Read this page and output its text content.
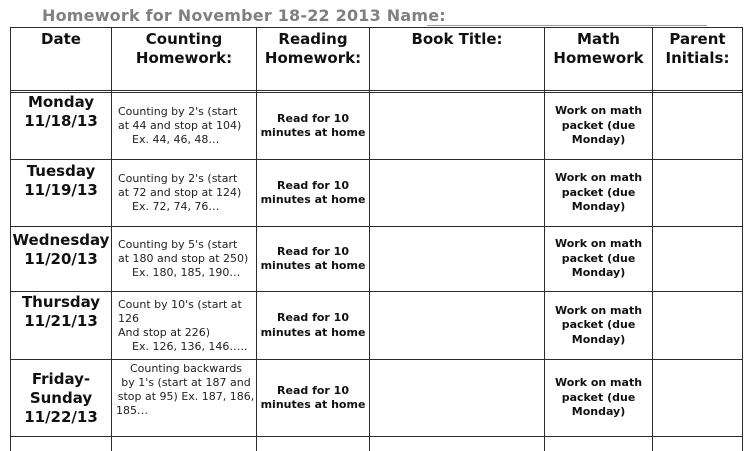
Homework for November 18-22 2013 Name:
Date	Counting
Homework:
Reading
Homework:
Book Title:	Math
Homework
Parent
Initials:
Monday
11/18/13
Counting by 2's (start
at 44 and stop at 104)
Ex. 44, 46, 48…
Read for 10
minutes at home
Work on math
packet (due
Monday)
Tuesday
11/19/13
Counting by 2's (start
at 72 and stop at 124)
Ex. 72, 74, 76…
Read for 10
minutes at home
Work on math
packet (due
Monday)
Wednesday
11/20/13
Counting by 5's (start
at 180 and stop at 250)
Ex. 180, 185, 190…
Read for 10
minutes at home
Work on math
packet (due
Monday)
Thursday
11/21/13
Count by 10's (start at
126
And stop at 226)
Ex. 126, 136, 146…..
Read for 10
minutes at home
Work on math
packet (due
Monday)
Friday-
Sunday
11/22/13
Counting backwards
by 1's (start at 187 and
stop at 95) Ex. 187, 186,
185…
Read for 10
minutes at home
Work on math
packet (due
Monday)
